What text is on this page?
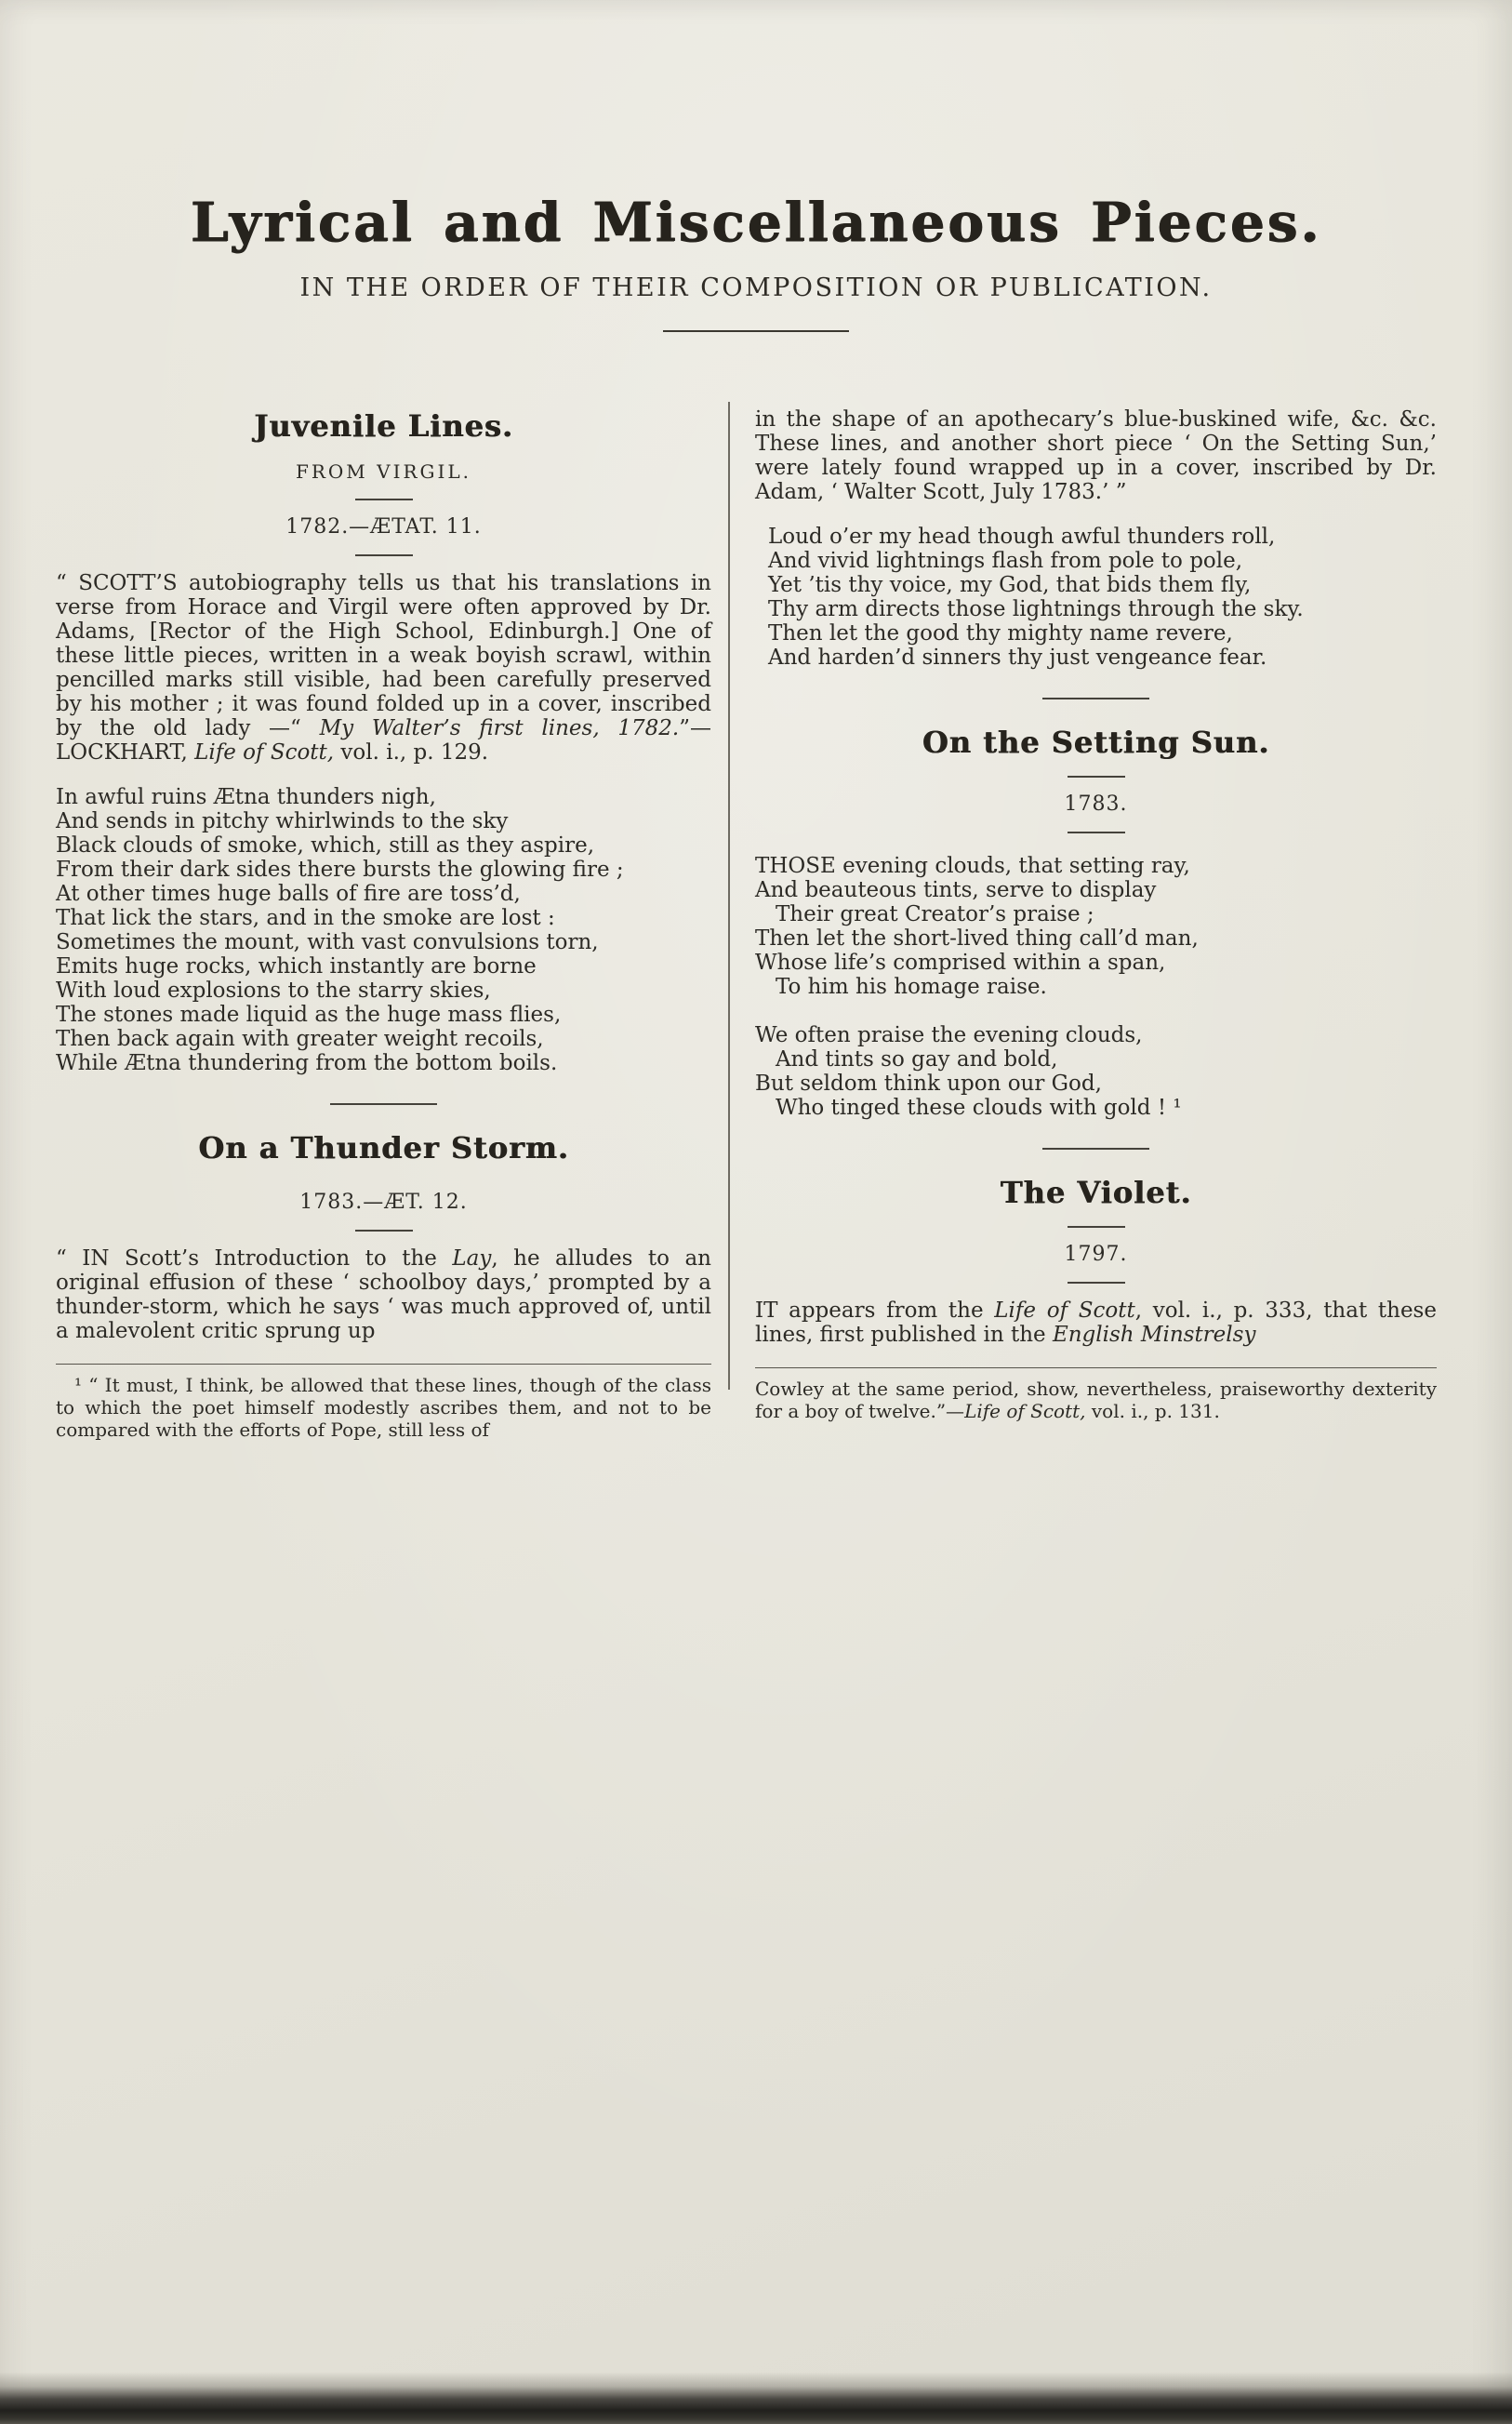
Lyrical and Miscellaneous Pieces.
IN THE ORDER OF THEIR COMPOSITION OR PUBLICATION.
Juvenile Lines.
FROM VIRGIL.
1782.—ÆTAT. 11.

“ SCOTT’S autobiography tells us that his translations in verse from Horace and Virgil were often approved by Dr. Adams, [Rector of the High School, Edinburgh.] One of these little pieces, written in a weak boyish scrawl, within pencilled marks still visible, had been carefully preserved by his mother ; it was found folded up in a cover, inscribed by the old lady —“ My Walter’s first lines, 1782.”—LOCKHART, Life of Scott, vol. i., p. 129.

In awful ruins Ætna thunders nigh,
And sends in pitchy whirlwinds to the sky
Black clouds of smoke, which, still as they aspire,
From their dark sides there bursts the glowing fire ;
At other times huge balls of fire are toss’d,
That lick the stars, and in the smoke are lost :
Sometimes the mount, with vast convulsions torn,
Emits huge rocks, which instantly are borne
With loud explosions to the starry skies,
The stones made liquid as the huge mass flies,
Then back again with greater weight recoils,
While Ætna thundering from the bottom boils.
On a Thunder Storm.
1783.—ÆT. 12.

“ IN Scott’s Introduction to the Lay, he alludes to an original effusion of these ‘ schoolboy days,’ prompted by a thunder-storm, which he says ‘ was much approved of, until a malevolent critic sprung up

¹ “ It must, I think, be allowed that these lines, though of the class to which the poet himself modestly ascribes them, and not to be compared with the efforts of Pope, still less of

in the shape of an apothecary’s blue-buskined wife, &c. &c. These lines, and another short piece ‘ On the Setting Sun,’ were lately found wrapped up in a cover, inscribed by Dr. Adam, ‘ Walter Scott, July 1783.’ ”

Loud o’er my head though awful thunders roll,
And vivid lightnings flash from pole to pole,
Yet ’tis thy voice, my God, that bids them fly,
Thy arm directs those lightnings through the sky.
Then let the good thy mighty name revere,
And harden’d sinners thy just vengeance fear.
On the Setting Sun.
1783.
THOSE evening clouds, that setting ray,
And beauteous tints, serve to display
Their great Creator’s praise ;
Then let the short-lived thing call’d man,
Whose life’s comprised within a span,
To him his homage raise.
We often praise the evening clouds,
And tints so gay and bold,
But seldom think upon our God,
Who tinged these clouds with gold ! ¹
The Violet.
1797.

IT appears from the Life of Scott, vol. i., p. 333, that these lines, first published in the English Minstrelsy

Cowley at the same period, show, nevertheless, praiseworthy dexterity for a boy of twelve.”—Life of Scott, vol. i., p. 131.
